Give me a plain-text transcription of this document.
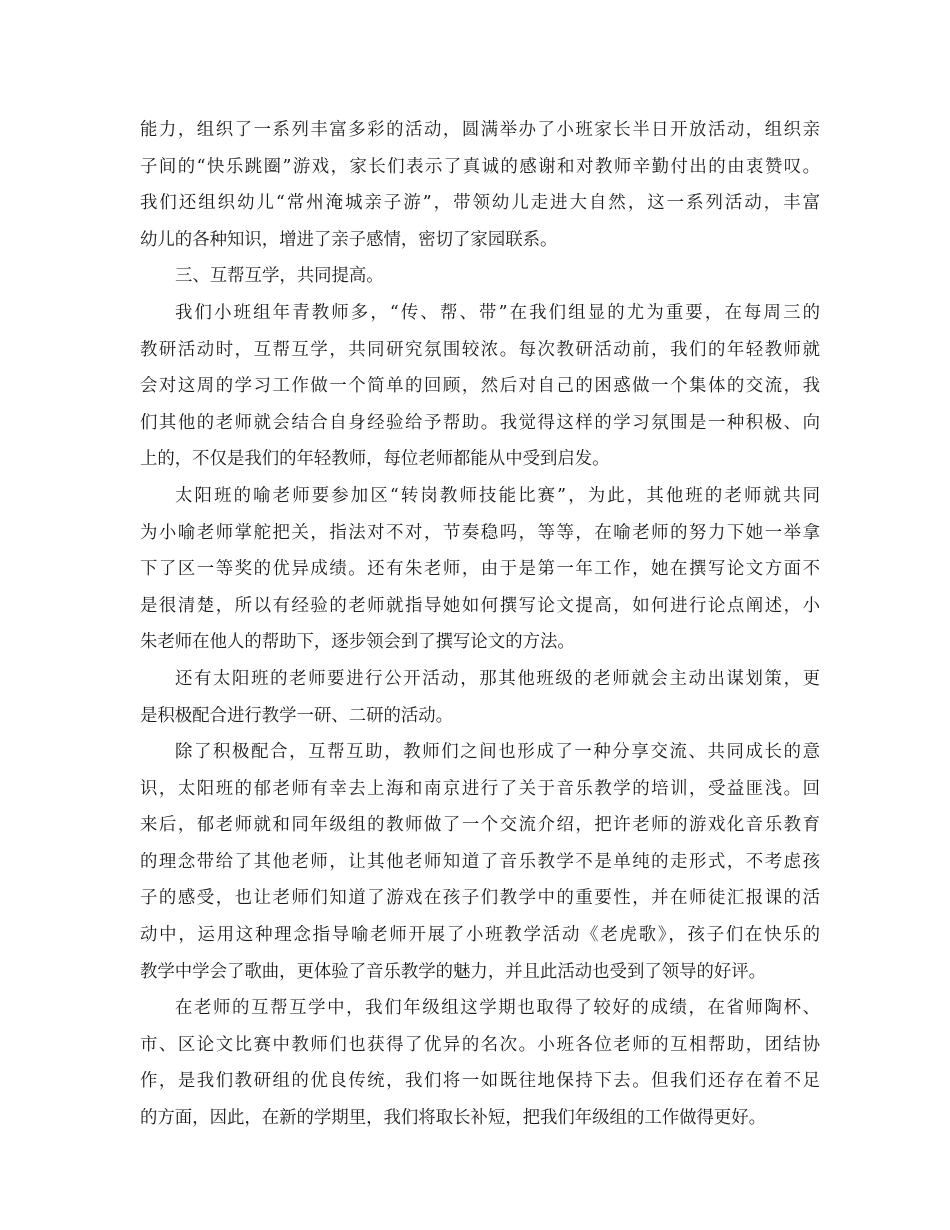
能力，组织了一系列丰富多彩的活动，圆满举办了小班家长半日开放活动，组织亲
子间的“快乐跳圈”游戏，家长们表示了真诚的感谢和对教师辛勤付出的由衷赞叹。
我们还组织幼儿“常州淹城亲子游”，带领幼儿走进大自然，这一系列活动，丰富
幼儿的各种知识，增进了亲子感情，密切了家园联系。
三、互帮互学，共同提高。
我们小班组年青教师多，“传、帮、带”在我们组显的尤为重要，在每周三的
教研活动时，互帮互学，共同研究氛围较浓。每次教研活动前，我们的年轻教师就
会对这周的学习工作做一个简单的回顾，然后对自己的困惑做一个集体的交流，我
们其他的老师就会结合自身经验给予帮助。我觉得这样的学习氛围是一种积极、向
上的，不仅是我们的年轻教师，每位老师都能从中受到启发。
太阳班的喻老师要参加区“转岗教师技能比赛”，为此，其他班的老师就共同
为小喻老师掌舵把关，指法对不对，节奏稳吗，等等，在喻老师的努力下她一举拿
下了区一等奖的优异成绩。还有朱老师，由于是第一年工作，她在撰写论文方面不
是很清楚，所以有经验的老师就指导她如何撰写论文提高，如何进行论点阐述，小
朱老师在他人的帮助下，逐步领会到了撰写论文的方法。
还有太阳班的老师要进行公开活动，那其他班级的老师就会主动出谋划策，更
是积极配合进行教学一研、二研的活动。
除了积极配合，互帮互助，教师们之间也形成了一种分享交流、共同成长的意
识，太阳班的郁老师有幸去上海和南京进行了关于音乐教学的培训，受益匪浅。回
来后，郁老师就和同年级组的教师做了一个交流介绍，把许老师的游戏化音乐教育
的理念带给了其他老师，让其他老师知道了音乐教学不是单纯的走形式，不考虑孩
子的感受，也让老师们知道了游戏在孩子们教学中的重要性，并在师徒汇报课的活
动中，运用这种理念指导喻老师开展了小班教学活动《老虎歌》，孩子们在快乐的
教学中学会了歌曲，更体验了音乐教学的魅力，并且此活动也受到了领导的好评。
在老师的互帮互学中，我们年级组这学期也取得了较好的成绩，在省师陶杯、
市、区论文比赛中教师们也获得了优异的名次。小班各位老师的互相帮助，团结协
作，是我们教研组的优良传统，我们将一如既往地保持下去。但我们还存在着不足
的方面，因此，在新的学期里，我们将取长补短，把我们年级组的工作做得更好。
